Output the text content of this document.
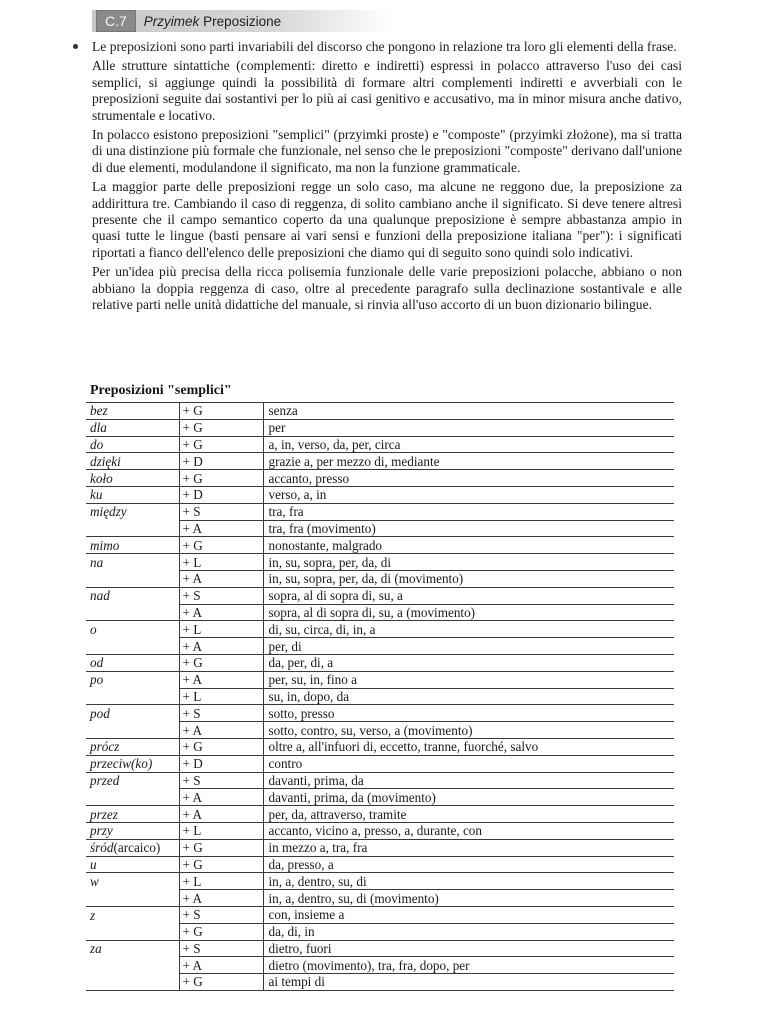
C.7	Przyimek Preposizione

Le preposizioni sono parti invariabili del discorso che pongono in relazione tra loro gli elementi della frase.

Alle strutture sintattiche (complementi: diretto e indiretti) espressi in polacco attraverso l'uso dei casi semplici, si aggiunge quindi la possibilità di formare altri complementi indiretti e avverbiali con le preposizioni seguite dai sostantivi per lo più ai casi genitivo e accusativo, ma in minor misura anche dativo, strumentale e locativo.

In polacco esistono preposizioni "semplici" (przyimki proste) e "composte" (przyimki złożone), ma si tratta di una distinzione più formale che funzionale, nel senso che le preposizioni "composte" derivano dall'unione di due elementi, modulandone il significato, ma non la funzione grammaticale.

La maggior parte delle preposizioni regge un solo caso, ma alcune ne reggono due, la preposizione za addirittura tre. Cambiando il caso di reggenza, di solito cambiano anche il significato. Si deve tenere altresì presente che il campo semantico coperto da una qualunque preposizione è sempre abbastanza ampio in quasi tutte le lingue (basti pensare ai vari sensi e funzioni della preposizione italiana "per"): i significati riportati a fianco dell'elenco delle preposizioni che diamo qui di seguito sono quindi solo indicativi.

Per un'idea più precisa della ricca polisemia funzionale delle varie preposizioni polacche, abbiano o non abbiano la doppia reggenza di caso, oltre al precedente paragrafo sulla declinazione sostantivale e alle relative parti nelle unità didattiche del manuale, si rinvia all'uso accorto di un buon dizionario bilingue.

Preposizioni "semplici"
bez	+ G	senza
dla	+ G	per
do	+ G	a, in, verso, da, per, circa
dzięki	+ D	grazie a, per mezzo di, mediante
koło	+ G	accanto, presso
ku	+ D	verso, a, in
między	+ S	tra, fra
	+ A	tra, fra (movimento)
mimo	+ G	nonostante, malgrado
na	+ L	in, su, sopra, per, da, di
	+ A	in, su, sopra, per, da, di (movimento)
nad	+ S	sopra, al di sopra di, su, a
	+ A	sopra, al di sopra di, su, a (movimento)
o	+ L	di, su, circa, di, in, a
	+ A	per, di
od	+ G	da, per, di, a
po	+ A	per, su, in, fino a
	+ L	su, in, dopo, da
pod	+ S	sotto, presso
	+ A	sotto, contro, su, verso, a (movimento)
prócz	+ G	oltre a, all'infuori di, eccetto, tranne, fuorché, salvo
przeciw(ko)	+ D	contro
przed	+ S	davanti, prima, da
	+ A	davanti, prima, da (movimento)
przez	+ A	per, da, attraverso, tramite
przy	+ L	accanto, vicino a, presso, a, durante, con
śród(arcaico)	+ G	in mezzo a, tra, fra
u	+ G	da, presso, a
w	+ L	in, a, dentro, su, di
	+ A	in, a, dentro, su, di (movimento)
z	+ S	con, insieme a
	+ G	da, di, in
za	+ S	dietro, fuori
	+ A	dietro (movimento), tra, fra, dopo, per
	+ G	ai tempi di
